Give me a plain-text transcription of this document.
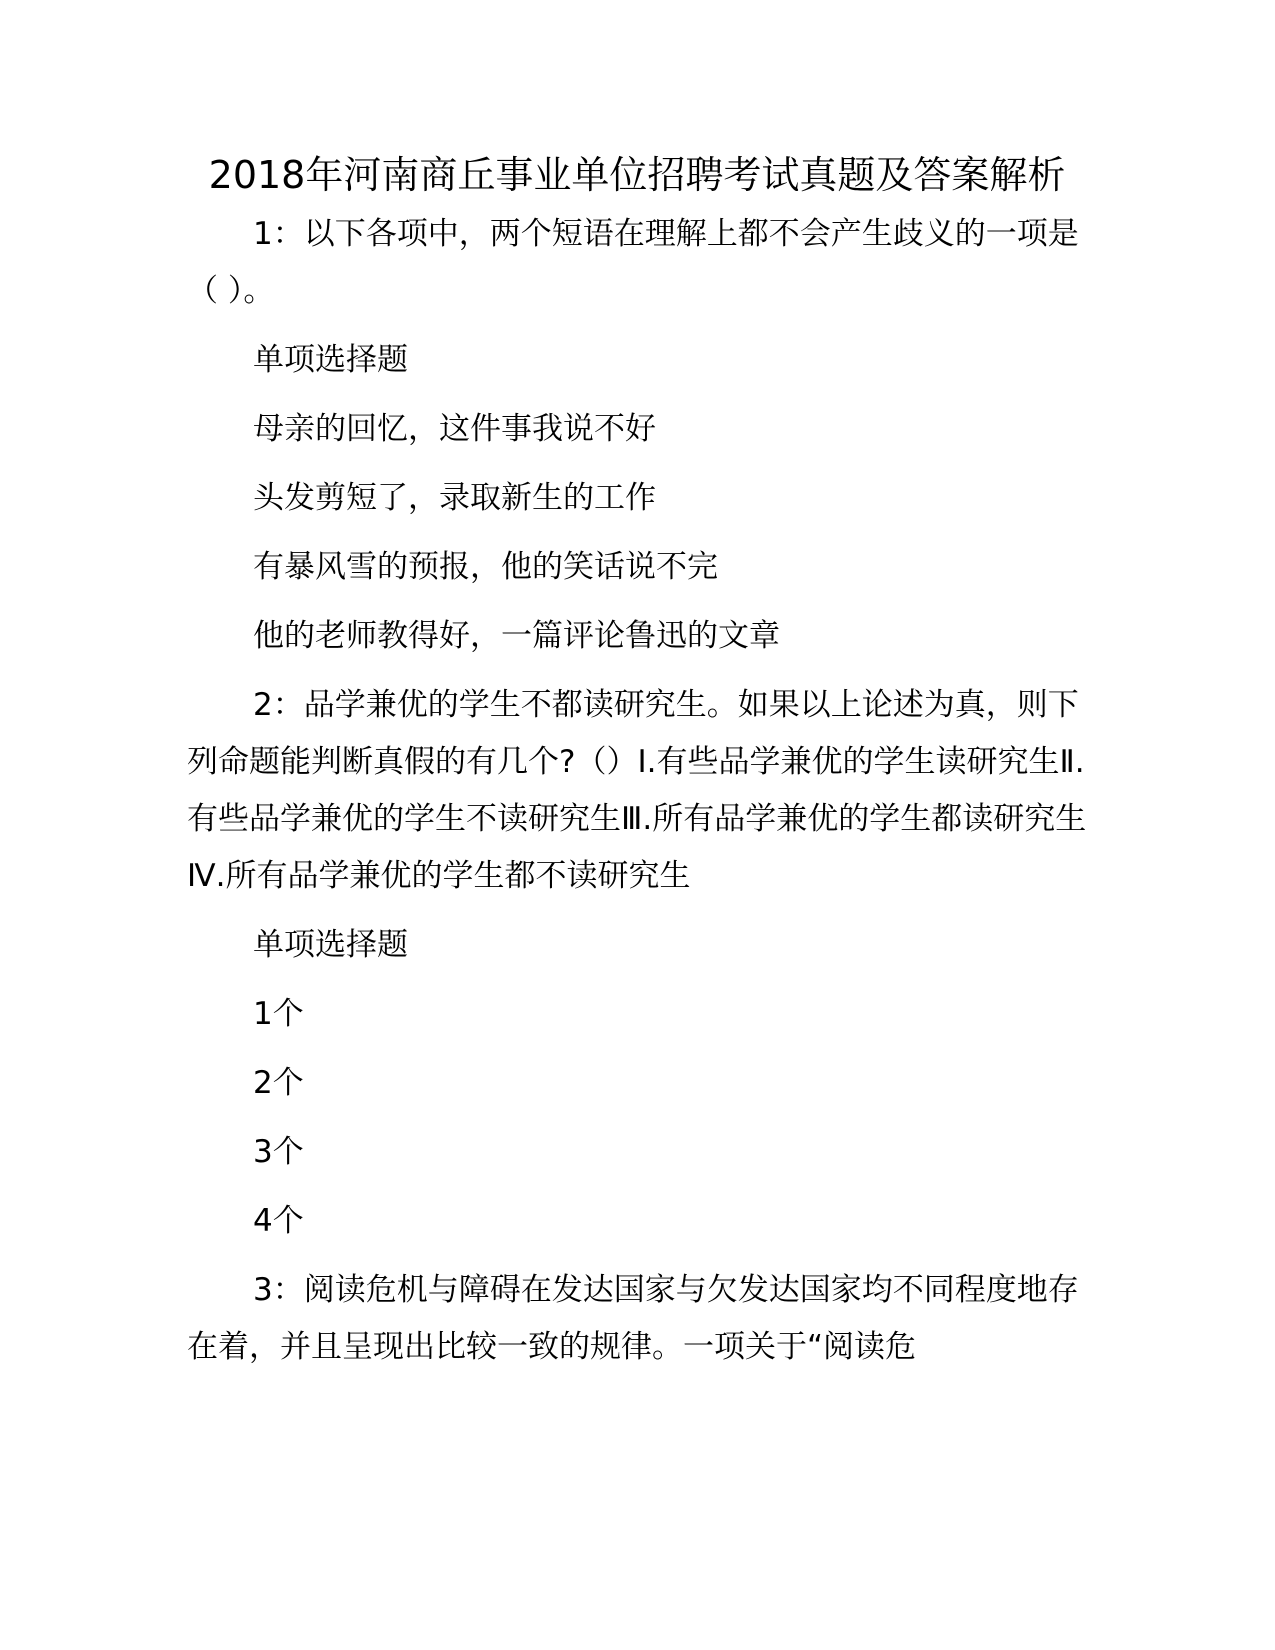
2018年河南商丘事业单位招聘考试真题及答案解析

1：以下各项中，两个短语在理解上都不会产生歧义的一项是（ ）。

单项选择题
母亲的回忆，这件事我说不好
头发剪短了，录取新生的工作
有暴风雪的预报，他的笑话说不完
他的老师教得好，一篇评论鲁迅的文章

2：品学兼优的学生不都读研究生。如果以上论述为真，则下列命题能判断真假的有几个?（）Ⅰ.有些品学兼优的学生读研究生Ⅱ.有些品学兼优的学生不读研究生Ⅲ.所有品学兼优的学生都读研究生Ⅳ.所有品学兼优的学生都不读研究生

单项选择题
1个
2个
3个
4个

3：阅读危机与障碍在发达国家与欠发达国家均不同程度地存在着，并且呈现出比较一致的规律。一项关于“阅读危
